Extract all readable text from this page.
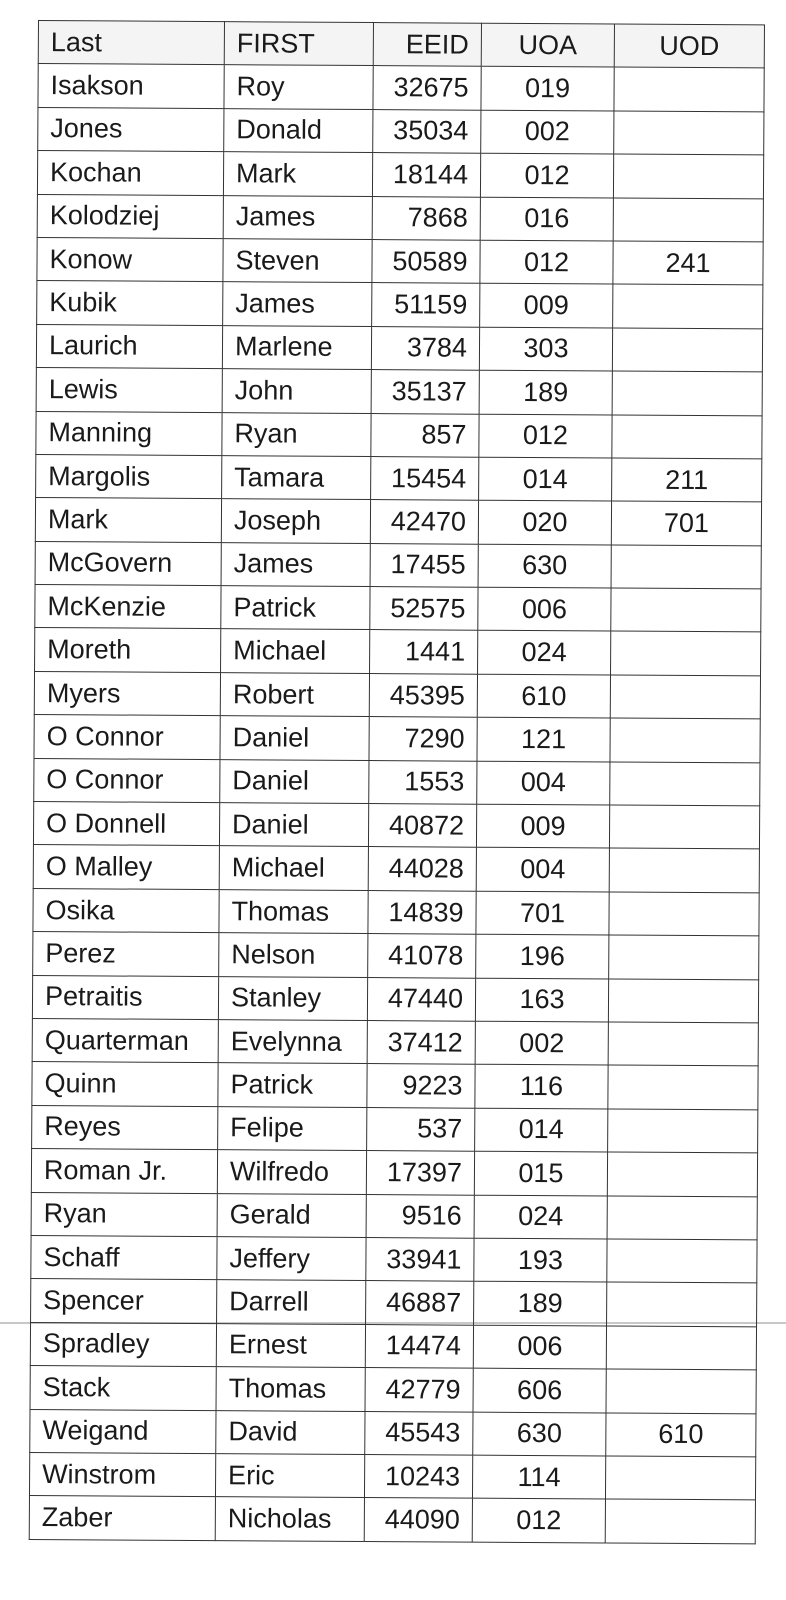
Last	FIRST	EEID	UOA	UOD
Isakson	Roy	32675	019	
Jones	Donald	35034	002	
Kochan	Mark	18144	012	
Kolodziej	James	7868	016	
Konow	Steven	50589	012	241
Kubik	James	51159	009	
Laurich	Marlene	3784	303	
Lewis	John	35137	189	
Manning	Ryan	857	012	
Margolis	Tamara	15454	014	211
Mark	Joseph	42470	020	701
McGovern	James	17455	630	
McKenzie	Patrick	52575	006	
Moreth	Michael	1441	024	
Myers	Robert	45395	610	
O Connor	Daniel	7290	121	
O Connor	Daniel	1553	004	
O Donnell	Daniel	40872	009	
O Malley	Michael	44028	004	
Osika	Thomas	14839	701	
Perez	Nelson	41078	196	
Petraitis	Stanley	47440	163	
Quarterman	Evelynna	37412	002	
Quinn	Patrick	9223	116	
Reyes	Felipe	537	014	
Roman Jr.	Wilfredo	17397	015	
Ryan	Gerald	9516	024	
Schaff	Jeffery	33941	193	
Spencer	Darrell	46887	189	
Spradley	Ernest	14474	006	
Stack	Thomas	42779	606	
Weigand	David	45543	630	610
Winstrom	Eric	10243	114	
Zaber	Nicholas	44090	012	
